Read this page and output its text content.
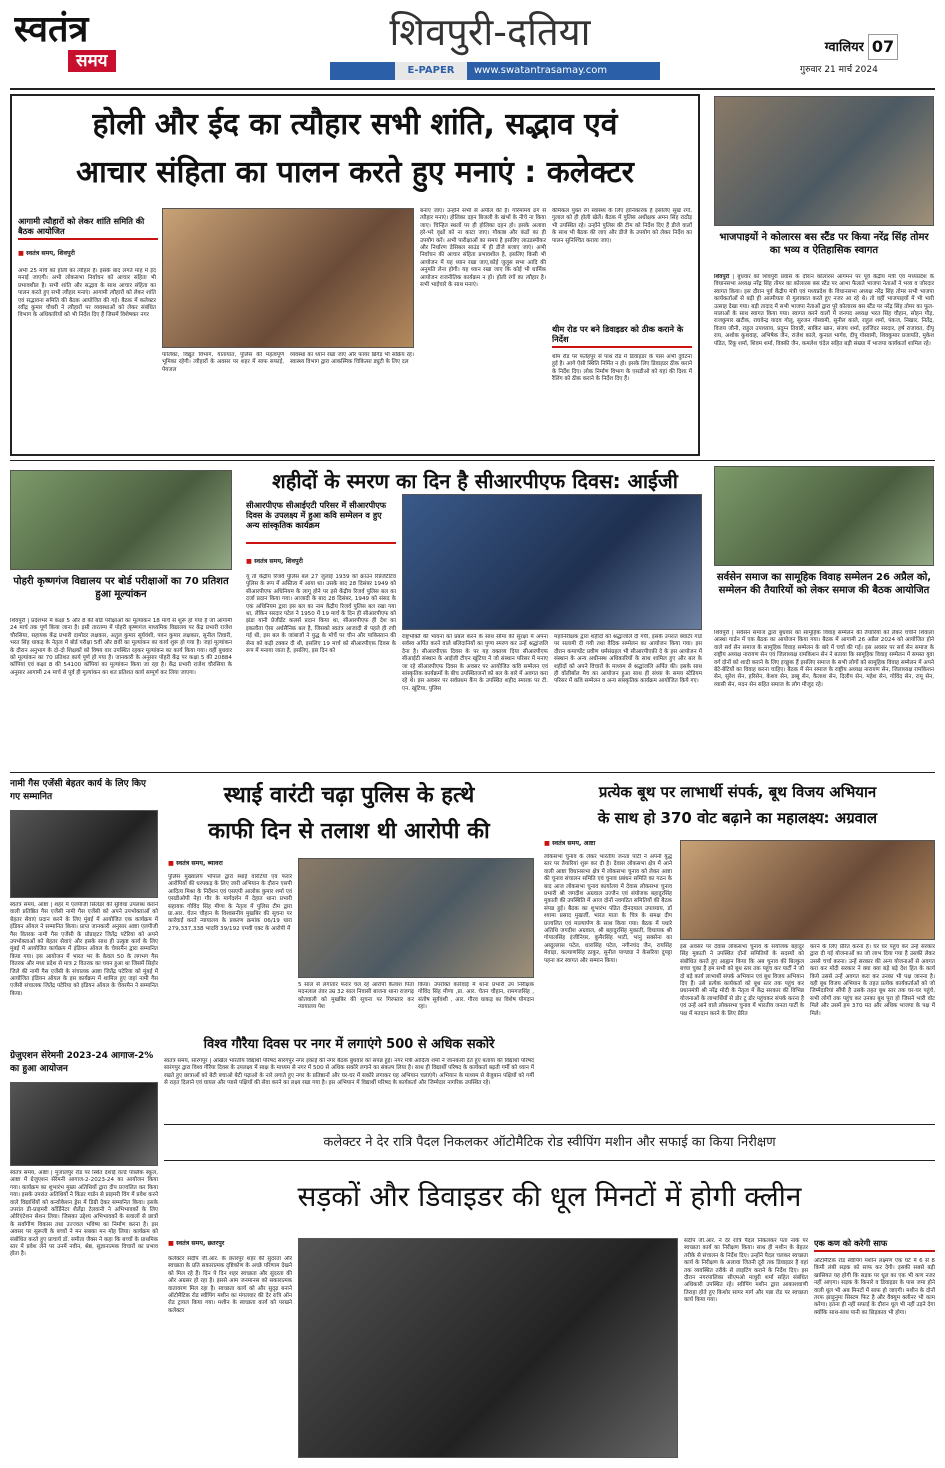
स्वतंत्र
समय
शिवपुरी-दतिया
E-PAPER	www.swatantrasamay.com
ग्वालियर 07
गुरुवार 21 मार्च 2024
होली और ईद का त्यौहार सभी शांति, सद्भाव एवं
आचार संहिता का पालन करते हुए मनाएं : कलेक्टर
आगामी त्यौहारों को लेकर शांति समिति की बैठक आयोजित
■ स्वतंत्र समय, शिवपुरी
अभी 25 मार्च को होली का त्यौहार है। इसके बाद लगते माह में ईद मनाई जाएगी। अभी लोकसभा निर्वाचन को आचार संहिता भी प्रभावशील है। सभी शांति और सद्भाव के साथ आचार संहिता का पालन करते हुए सभी त्यौहार मनाएं। आगामी त्यौहारों को लेकर शांति एवं सद्भावना समिति की बैठक आयोजित की गई। बैठक में कलेक्टर रवींद्र कुमार चौधरी ने त्यौहारों पर व्यवस्थाओं को लेकर संबंधित विभाग के अधिकारियों को भी निर्देश दिए हैं जिसमें विशेषकर नगर
पालिका, विद्युत विभाग, यातायात, पुलिस की महत्वपूर्ण भूमिका रहेगी। त्यौहारों के अवसर पर शहर में साफ सफाई, पेयजल
व्यवस्था का ध्यान रखा जाए और फायर ब्रिगेड भी सक्रिय रहे। स्वास्थ्य विभाग द्वारा आकस्मिक चिकित्सा ड्यूटी के लिए दल
बनाए जाएं। उन्होंने सभी से अपील की है। गरिमामय ढंग से त्यौहार मनाएं। होलिका दहन बिजली के खंभों के नीचे ना किया जाए। चिन्हित स्थलों पर ही होलिका दहन हो। इसके अलावा हरे-भरे वृक्षों को ना काटा जाए। गौकाष्ठ और कंडों का ही उपयोग करें। अभी पारीक्षाओं का समय है इसलिए लाउडस्पीकर और निर्धारण डेसिबल साउंड में ही डीजे बजाए जाएं। अभी निर्वाचन की आचार संहिता प्रभावशील है, इसलिए किसी भी आयोजन में यह ध्यान रखा जाए,कोई जुलूस सभा आदि की अनुमति लेना होगी। यह ध्यान रखा जाए कि कोई भी धार्मिक आयोजन राजनीतिक कार्यक्रम न हो। होली रंगों का त्यौहार है। सभी भाईचारे के साथ मनाएं।
केमिकल युक्त रंग स्वास्थ्य के लिए हानिकारक है इसलिए सूखे रंगों, गुलाल को ही होली खेलें। बैठक में पुलिस अधीक्षक अमन सिंह राठौड़ भी उपस्थित रहे। उन्होंने पुलिस की टीम को निर्देश दिए हैं डीजे वालों के साथ भी बैठक की जाए और डीजे के उपयोग को लेकर निर्देश का पालन सुनिश्चित कराया जाए।
थीम रोड पर बने डिवाइडर को ठीक कराने के निर्देश
थीम रोड पर फतेहपुर से पाथ रोड में डिवाइडर के पास अभी दुर्घटना हुई है। आगे ऐसी स्थिति निर्मित न हो। इसके लिए डिवाइडर ठीक कराने के निर्देश दिए। लोक निर्माण विभाग के एसडीओ को यहां की दिशा में रैलिंग को ठीक कराने के निर्देश दिए हैं।
भाजपाइयों ने कोलारस बस स्टैंड पर किया नरेंद्र सिंह तोमर का भव्य व ऐतिहासिक स्वागत
शिवपुरी | बुधवार को शिवपुरी प्रवास के दौरान कोलारस आगमन पर पूर्व केंद्रीय मंत्री एवं मध्यप्रदेश के विधानसभा अध्यक्ष नरेंद्र सिंह तोमर का कोलारस बस स्टैंड पर आभा फैलाते भाजपा नेताओं ने भव्य व जोरदार स्वागत किया। इस दौरान पूर्व केंद्रीय मंत्री एवं मध्यप्रदेश के विधानसभा अध्यक्ष नरेंद्र सिंह तोमर सभी भाजपा कार्यकर्ताओं से बड़ी ही आत्मीयता से मुलाकात करते हुए नजर आ रहे थे। तो वहीं भाजपाइयों में भी भारी उत्साह देखा गया। बड़ी तादाद में सभी भाजपा नेताओं द्वारा पूरे कोलारस बस स्टैंड पर नरेंद्र सिंह तोमर का फूल-मालाओं के साथ स्वागत किया गया। स्वागत करने वालों में जनपद अध्यक्ष भरत सिंह चौहान, सोहन गौड़, राजकुमार खटीक, राघवेन्द्र यादव गोलू, सुरजन गोस्वामी, सुनील काले, राहुल शर्मा, पंकज, निखार, नितेंद्र, विजय जौनी, राहुल उपाध्याय, प्रदुम्न तिवारी, साकिर खान, संजय शर्मा, हरजिंदर सरदार, हर्ष राजावत, दीपू राय, अशोक कुशवाह, अभिषेक जैन, राजेश काले, कुनाल भार्गव, दीपू गोस्वामी, शिवकुमार प्रजापति, मुकेश पंडित, रिंकू शर्मा, शिवम शर्मा, विक्की जैन, कमलेश चंदेल सहित बड़ी संख्या में भाजपा कार्यकर्ता शामिल रहे।
शहीदों के स्मरण का दिन है सीआरपीएफ दिवस: आईजी
पोहरी कृष्णगंज विद्यालय पर बोर्ड परीक्षाओं का 70 प्रतिशत हुआ मूल्यांकन
शिवपुरी | प्रदेशभर में कक्षा 5 और 8 की बोर्ड परीक्षाओं का मूल्यांकन 18 मार्च से शुरू हो गया है जो आगामी 24 मार्च तक पूर्ण किया जाना है। इसी तारतम्य में पोहरी कृष्णगंज माध्यमिक विद्यालय पर केंद्र प्रभारी राजेश चौरसिया, सहायक केंद्र प्रभारी दामोदर लक्षकार, अतुल कुमार सूर्यवंशी, पवन कुमार लक्षकार, सुनील तिवारी, भरत सिंह धाकड़ के नेतृत्व में बोर्ड परीक्षा 5वीं और 8वीं का मूल्यांकन का कार्य शुरू हो गया है। जहां मूल्यांकन के दौरान अनुभाग के दो-दो शिक्षकों को विषय वार उपस्थित रहकर मूल्यांकन का कार्य किया गया। वहीं बुधवार को मूल्यांकन का 70 प्रतिशत कार्य पूर्ण हो गया है। जानकारी के अनुसार पोहरी केंद्र पर कक्षा 5 की 20884 कॉपियां एवं कक्षा 8 की 54100 कॉपियां का मूल्यांकन किया जा रहा है। केंद्र प्रभारी राजेश चौरसिया के अनुसार आगामी 24 मार्च से पूर्व ही मूल्यांकन का शत प्रतिशत कार्य सम्पूर्ण कर लिया जाएगा।
सीआरपीएफ सीआईएटी परिसर में सीआरपीएफ दिवस के उपलक्ष्य में हुआ कवि सम्मेलन व हुए अन्य सांस्कृतिक कार्यक्रम
■ स्वतंत्र समय, शिवपुरी
यूं तो केंद्रीय रिजर्व पुलिस बल 27 जुलाई 1939 को क्राउन रिप्रेजेंटेटिव पुलिस के रूप में अस्तित्व में आया था। उसके बाद 28 दिसंबर 1949 को सीआरपीएफ अधिनियम के लागू होने पर इसे केंद्रीय रिजर्व पुलिस बल का दर्जा प्रदान किया गया। आजादी के बाद 28 दिसंबर, 1949 को संसद के एक अधिनियम द्वारा इस बल का नाम केंद्रीय रिजर्व पुलिस बल रखा गया था, लेकिन सरदार पटेल ने 1950 में 19 मार्च के दिन ही सीआरपीएफ को झंडा यानी प्रेजीडेंट कलर्स प्रदान किया था, सीआरपीएफ ही देश का इकलौता ऐसा अर्धसैनिक बल है, जिसको स्वतंत्र आजादी से पहले ही रची गई थी, इस बल के जांबाजों ने युद्ध के मोर्चे पर चीन और पाकिस्तान की सेना को कड़ी टक्कर दी थी, इसलिए 19 मार्च को सीआरपीएफ़ दिवस के रूप में मनाया जाता है, इसलिए, इस दिन को
राष्ट्रभक्ति की भावना को प्रबल करने के साथ सीमा की सुरक्षा में अपना सर्वस्व अर्पित करने वाले बलिदानियों का पुण्य स्मरण कर उन्हें श्रद्धांजलि देना है। सीआरपीएफ़ दिवस के पर यह वक्तव्य दिया सीआरपीएफ सीआईटी संस्थान के आईजी टीएन खूंटिया ने जो संस्थान परिसर में मनाए जा रहे सीआरपीएफ दिवस के अवसर पर आयोजित कवि सम्मेलन एवं सांस्कृतिक कार्यक्रमों के बीच उपस्थितजनों को बल के बारे में अवगत करा रहे थे। इस अवसर पर सर्वप्रथम कैंप के उपस्थित शहीद स्मारक पर टी. एन. खूंटिया, पुलिस
महानिरीक्षक द्वारा शहीदों को श्रद्धांजलि दी गयी, इसके उपरांत क्वार्टर गार्ड पर सलामी दी गयी तथा वैदिक सम्मेलन का आयोजन किया गया। इस दौरान कमाण्डेंट प्रवीण धर्मसंग्रहल भी सीआरपीएफ़ी दे के इस आयोजन में संस्थान के अन्य अधीनस्थ अधिकारियों के साथ शामिल हुए और बल के शहीदों को अपने विचारों के माध्यम से श्रद्धांजलि अर्पित की। इसके साथ ही वॉलीबॉल मैच का आयोजन हुआ साथ ही संध्या के समय स्टेडियम परिसर में कवि सम्मेलन व अन्य सांस्कृतिक कार्यक्रम आयोजित किये गए।
सर्वसेन समाज का सामूहिक विवाह सम्मेलन 26 अप्रैल को, सम्मेलन की तैयारियों को लेकर समाज की बैठक आयोजित
शिवपुरी | सर्वसेन समाज द्वारा बुधवार को सामूहिक विवाह सम्मेलन की तैयारियों को लेकर चर्चीने शिवाला आस्था गार्डन में एक बैठक का आयोजन किया गया। बैठक में आगामी 26 अप्रैल 2024 को आयोजित होने वाले सर्व सेन समाज के सामूहिक विवाह सम्मेलन के बारे में चर्चा की गई। इस अवसर पर सर्व सेन समाज के राष्ट्रीय अध्यक्ष नारायण सेन एवं जिलाध्यक्ष रामकिशन सेन ने बताया कि सामूहिक विवाह सम्मेलन में समस्त युवा वर्ग दोनों को शादी कराने के लिए इच्छुक हैं इसलिए समाज के सभी लोगों को सामूहिक विवाह सम्मेलन में अपने बेटे-बेटियों का विवाह करना चाहिए। बैठक में सेन समाज के राष्ट्रीय अध्यक्ष नारायण सेन, जिलाध्यक्ष रामकिशन सेन, सुरेश सेन, हरिसेन, केशव सेन, डब्बू सेन, कैलाश सेन, दिलीप सेन, महेश सेन, गोविंद सेन, रामू सेन, व्यासी सेन, मदन सेन सहित समाज के लोग मौजूद रहे।
नामी गैस एजेंसी बेहतर कार्य के लिए किए गए सम्मानित
स्वतंत्र समय, आष्टा | शहर में एलपीजी सिलेंडर की सुविधा उपलब्ध कराने वाली प्रतिष्ठित गैस एजेंसी नामी गैस एजेंसी को अपने उपभोक्ताओं को बेहतर सेवाएं प्रदान करने के लिए मुंबई में आयोजित एक कार्यक्रम में इंडियन ऑयल ने सम्मानित किया। प्राप्त जानकारी अनुसार आष्टा एलपीजी गैस वितरक नामी गैस एजेंसी के प्रोप्राइटर जितेंद्र पटेरिया को अपने उपभोक्ताओं को बेहतर सेवाएं और इसके साथ ही उत्कृष्ट कार्य के लिए मुंबई में आयोजित कार्यक्रम में इंडियन ऑयल के चेयरमैन द्वारा सम्मानित किया गया। इस आयोजन में भारत भर के केवल 50 के लगभग गैस वितरक और मध्य प्रदेश से मात्र 2 वितरक का चयन हुआ था जिसमें सिहोर जिले की नामी गैस एजेंसी के संचालक आष्टा जितेंद्र पटेरिया को मुंबई में आयोजित इंडियन ऑयल के इस कार्यक्रम में शामिल हुए जहां नामी गैस एजेंसी संचालक जितेंद्र पटेरिया को इंडियन ऑयल के चेयरमैन ने सम्मानित किया।
ग्रेजुएशन सेरेमनी 2023-24 आगाज-2% का हुआ आयोजन
स्वतंत्र समय, आष्टा | मुजालपुर रोड पर स्थित देशाई वर्ल्ड पब्लिक स्कूल, आष्टा में ग्रेजुएशन सेरेमनी आगाज-2-2023-24 का आयोजन किया गया। कार्यक्रम का शुभारंभ मुख्य अतिथियों द्वारा दीप प्रज्वलित कर किया गया। इसके उपरांत अतिथियों ने किंडर गार्डन से प्राइमरी विंग में प्रवेश करने वाले विद्यार्थियों को कन्वोकेशन ड्रेस में डिग्री देकर सम्मानित किया। इसके उपरांत डी-प्राइमरी कॉर्डिनेटर शैलेंद्रा टेलवानी ने अभिभावकों के लिए ओरिएंटेशन सेशन लिया। जिसका उद्देश्य अभिभावकों के सवालों से छात्रों के सर्वांगीण विकास तथा उज्ज्वल भविष्य का निर्माण करना है। इस अवसर पर सुरूली के बच्चों ने मन सबका मन मोह लिया। कार्यक्रम को संबोधित करते हुए प्राचार्य डॉ. समीता जैक्स ने कहा कि बच्चों के प्राथमिक स्तर में प्रवेश लेने पर उनमें नवीन, श्रेष्ठ, सुज्ञानात्मक विचारों का प्रभाव होता है।
स्थाई वारंटी चढ़ा पुलिस के हत्थे
काफी दिन से तलाश थी आरोपी की
■ स्वतंत्र समय, ब्यावरा
पुलिस मुख्यालय भोपाल द्वारा स्थाई वारंटियों एवं फरार आरोपियों की धरपकड़ के लिए जारी अभियान के दौरान एसपी आदित्य मिश्रा के निर्देशन एवं एसएपी आलोक कुमार शर्मा एवं एसडीओपी नेहा गौर के मार्गदर्शन में देहात थाना प्रभारी सहायक गोविंद सिंह मीणा के नेतृत्व में पुलिस टीम द्वारा प्रा.आर. चेतन चौहान के विश्वसनीय मुखबिर की सूचना पर कार्रवाई करते न्यायालय के प्रकरण क्रमांक 06/19 धारा 279,337,338 भादवि 39/192 एमवी एक्ट के आरोपी में
5 साल से लगातार फरार चल रहे आरोपी कैलाश पिता मदनलाल तंवर उम्र 32 साल निवासी बाजना थाना राजगढ़ कोतवाली को मुखबिर की सूचना पर गिरफ्तार कर न्यायालय पेश
किया। उपरोक्त कार्रवाई में थाना प्रभारी उप निरीक्षक गोविंद सिंह मीणा ,प्रा. आर. चेतन चौहान, रामगजसिंह , संतोष सूर्यवंशी , आर. गौरव धाकड़ का विशेष योगदान रहा।
विश्व गौरैया दिवस पर नगर में लगाएंगे 500 से अधिक सकोरे
स्वतंत्र समय, सारंगपुर | अखिल भारतीय विद्यार्थी परिषद सारंगपुर नगर इकाई की नगर बैठक बुधवार को संपन्न हुई। नगर मंत्री आदित्य शर्मा ने जानकारी देते हुए बताया की विद्यार्थी परिषद सारंगपुर द्वारा विश्व गौरैया दिवस के उपलक्ष्य में स्वक्ष के माध्यम से नगर में 500 से अधिक सकोरे लगाने का संकल्प लिया है। साथ ही विद्यार्थी परिषद के कार्यकर्ता बढ़ती गर्मी को ध्यान में रखते हुए छात्राओं को बेटी बचाओ बेटी पढ़ाओ के नारे लगाते हुए नगर के प्रतिष्ठानों और घर-घर में सकोरे लगाकर यह अभियान चलाएंगे। अभियान के माध्यम से बेजुबान पक्षियों को गर्मी से राहत दिलाने एवं घायल और प्यासे पक्षियों की सेवा करने का लक्ष्य रखा गया है। इस अभियान में विद्यार्थी परिषद के कार्यकर्ता और जिम्मेदार नागरिक उपस्थित रहे।
प्रत्येक बूथ पर लाभार्थी संपर्क, बूथ विजय अभियान
के साथ हो 370 वोट बढ़ाने का महालक्ष्य: अग्रवाल
■ स्वतंत्र समय, आष्टा
लोकसभा चुनाव के लेकर भारतीय जनता पार्टी ने अपनी युद्ध स्तर पर तैयारियां शुरू कर दी है। देवास लोकसभा क्षेत्र में आने वाली आष्टा विधानसभा क्षेत्र में लोकसभा चुनाव को लेकर आष्टा की चुनाव संचालन समिति एवं चुनाव प्रबंधन समिति का गठन के बाद आज लोकसभा चुनाव कार्यालय में देवास लोकसभा चुनाव प्रभारी श्री जगदीश अग्रवाल उज्जैन एवं संयोजक बहादुरसिंह मुकाती की उपस्थिति में आज दोनों नवगठित समितियों की बैठक संपन्न हुई। बैठक का शुभारंभ पंडित दीनदयाल उपाध्याय, डॉ श्यामा प्रसाद मुखर्जी, भारत माता के चित्र के समक्ष दीप प्रज्वलित एवं माल्यार्पण के साथ किया गया। बैठक में पधारे अतिथि जगदीश अग्रवाल, श्री बहादुरसिंह मुकाती, विधायक श्री गोपालसिंह इंजीनियर, कुमैरसिंह भाटी, भानु सक्सेना का अब्दुल्लास पटेल, धारासिंह पटेल, नगीनचंद जैन, रायसिंह मेवाड़ा, कल्याणसिंह ठाकुर, सुनील पाण्ड्या ने केसरिया दुपट्टा पहना कर स्वागत और सम्मान किया।
इस अवसर पर देवास लोकसभा चुनाव के संयोजक बहादुर सिंह मुकाती ने उपस्थित दोनों समितियों के सदस्यों को संबोधित करते हुए आह्वान किया कि अब चुनाव की बिल्कुल बच्चा चुका है हम सभी को बूथ स्तर तक पहुंच कर पार्टी ने जो दो बड़े कार्य लाभार्थी संपर्क अभियान एवं बूथ विजय अभियान दिए हैं। उसे प्रत्येक कार्यकर्ता को बूथ स्तर तक पहुंच कर प्रधानमंत्री श्री नरेंद्र मोदी के नेतृत्व में केंद्र सरकार की विभिन्न योजनाओं के लाभार्थियों से डोर टू डोर पहुंचकर संपर्क करना है एवं उन्हें आने वाले लोकसभा चुनाव में भारतीय जनता पार्टी के पक्ष में मतदान करने के लिए प्रेरित
करने के लिए प्रेरित करना है। घर घर पहुंच कर उन्हें सरकार द्वारा दी गई योजनाओं का जो लाभ दिया गया है उसकी लेकर उससे चर्चा करना। उन्हें सरकार की अन्य योजनाओं से अवगत करा कर मोदी सरकार ने क्या क्या बड़े बड़े देश हित के कार्य किये उससे उन्हें अवगत करा कर उनका भी पक्ष जानना है। वही बूथ विजय अभियान के तहत प्रत्येक कार्यकर्ताओं को जो जिम्मेदारियां सौंपी है उसके तहत बूथ स्तर तक घर-घर पहुंचे, सभी लोगों तक पहुंच कर उनका बूथ पूरा हो जिसने भारी वोट मिले और उसमें हम 370 मत और अधिक भाजपा के पक्ष में मिले।
कलेक्टर ने देर रात्रि पैदल निकलकर ऑटोमैटिक रोड स्वीपिंग मशीन और सफाई का किया निरीक्षण
सड़कों और डिवाइडर की धूल मिनटों में होगी क्लीन
■ स्वतंत्र समय, छतरपुर
कलेक्टर संदीप जी.आर. के छतरपुर शहर की सुंदरता और स्वच्छता के प्रति सकारात्मक दृष्टिकोण के अच्छे परिणाम देखने को मिल रहे हैं। दिन पे दिन शहर स्वच्छता और सुंदरता की ओर अग्रसर हो रहा है। इससे आम जनमानस को सकारात्मक वातावरण मिल रहा है। स्वच्छता कार्य को और सुदृढ़ बनाने ऑटोमैटिक रोड स्वीपिंग मशीन का मंगलवार की देर रात्रि ऑन रोड ट्रायल किया गया। मशीन के स्वच्छता कार्य को परखने कलेक्टर
संदीप जी.आर. ने देर रात्रि पैदल निकलकर पता नाके पर स्वच्छता कार्य का निरीक्षण किया। साथ ही मशीन के बेहतर तरीके से संचालन के निर्देश दिए। उन्होंने पैदल चलकर स्वच्छता कार्य के निरीक्षण के अलावा जितनी दूरी तक डिवाइडर है वहां तक व्यवस्थित तरीके से लाइटिंग कराने के निर्देश दिए। इस दौरान नगरपालिका सीएमओ माधुरी शर्मा सहित संबंधित अधिकारी उपस्थित रहे। स्वीपिंग मशीन द्वारा आकाशवाणी तिराहा होते हुए किशोर सागर मार्ग और पन्ना रोड पर स्वच्छता कार्य किया गया।
एक कण को करेगी साफ
ऑटोमैटिक रोड स्वीपिंग मशीन लक्ष्मण एक घंटे में 6 से 8 किमी लंबी सड़क को साफ कर देगी। इसकी सबसे बड़ी खासियत यह होगी कि सड़क पर धूल का एक भी कण नजर नहीं आएगा। सड़क के किनारे व डिवाइडर के पास जमा होने वाली धूल भी अब मिनटों में साफ हो जाएगी। मशीन के दोनों तरफ झाड़ूनुमा सिस्टम फिट है और वैक्यूम क्लीनर भी काम करेगा। इतना ही नहीं सफाई के दौरान धूल भी नहीं उड़ने देगा क्योंकि साथ-साथ पानी का छिड़काव भी होगा।
